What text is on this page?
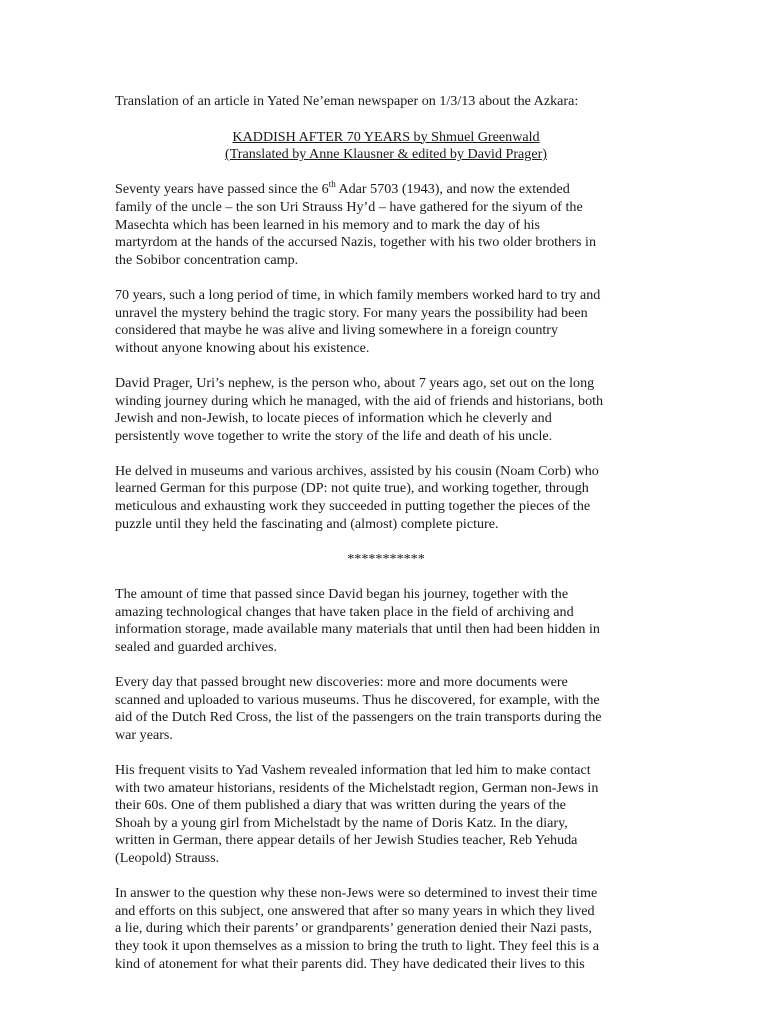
Translation of an article in Yated Ne’eman newspaper on 1/3/13 about the Azkara:

KADDISH AFTER 70 YEARS by Shmuel Greenwald
(Translated by Anne Klausner & edited by David Prager)
Seventy years have passed since the 6th Adar 5703 (1943), and now the extended
family of the uncle – the son Uri Strauss Hy’d – have gathered for the siyum of the
Masechta which has been learned in his memory and to mark the day of his
martyrdom at the hands of the accursed Nazis, together with his two older brothers in
the Sobibor concentration camp.
70 years, such a long period of time, in which family members worked hard to try and
unravel the mystery behind the tragic story. For many years the possibility had been
considered that maybe he was alive and living somewhere in a foreign country
without anyone knowing about his existence.
David Prager, Uri’s nephew, is the person who, about 7 years ago, set out on the long
winding journey during which he managed, with the aid of friends and historians, both
Jewish and non-Jewish, to locate pieces of information which he cleverly and
persistently wove together to write the story of the life and death of his uncle.
He delved in museums and various archives, assisted by his cousin (Noam Corb) who
learned German for this purpose (DP: not quite true), and working together, through
meticulous and exhausting work they succeeded in putting together the pieces of the
puzzle until they held the fascinating and (almost) complete picture.
***********
The amount of time that passed since David began his journey, together with the
amazing technological changes that have taken place in the field of archiving and
information storage, made available many materials that until then had been hidden in
sealed and guarded archives.
Every day that passed brought new discoveries: more and more documents were
scanned and uploaded to various museums. Thus he discovered, for example, with the
aid of the Dutch Red Cross, the list of the passengers on the train transports during the
war years.
His frequent visits to Yad Vashem revealed information that led him to make contact
with two amateur historians, residents of the Michelstadt region, German non-Jews in
their 60s. One of them published a diary that was written during the years of the
Shoah by a young girl from Michelstadt by the name of Doris Katz. In the diary,
written in German, there appear details of her Jewish Studies teacher, Reb Yehuda
(Leopold) Strauss.
In answer to the question why these non-Jews were so determined to invest their time
and efforts on this subject, one answered that after so many years in which they lived
a lie, during which their parents’ or grandparents’ generation denied their Nazi pasts,
they took it upon themselves as a mission to bring the truth to light. They feel this is a
kind of atonement for what their parents did. They have dedicated their lives to this
